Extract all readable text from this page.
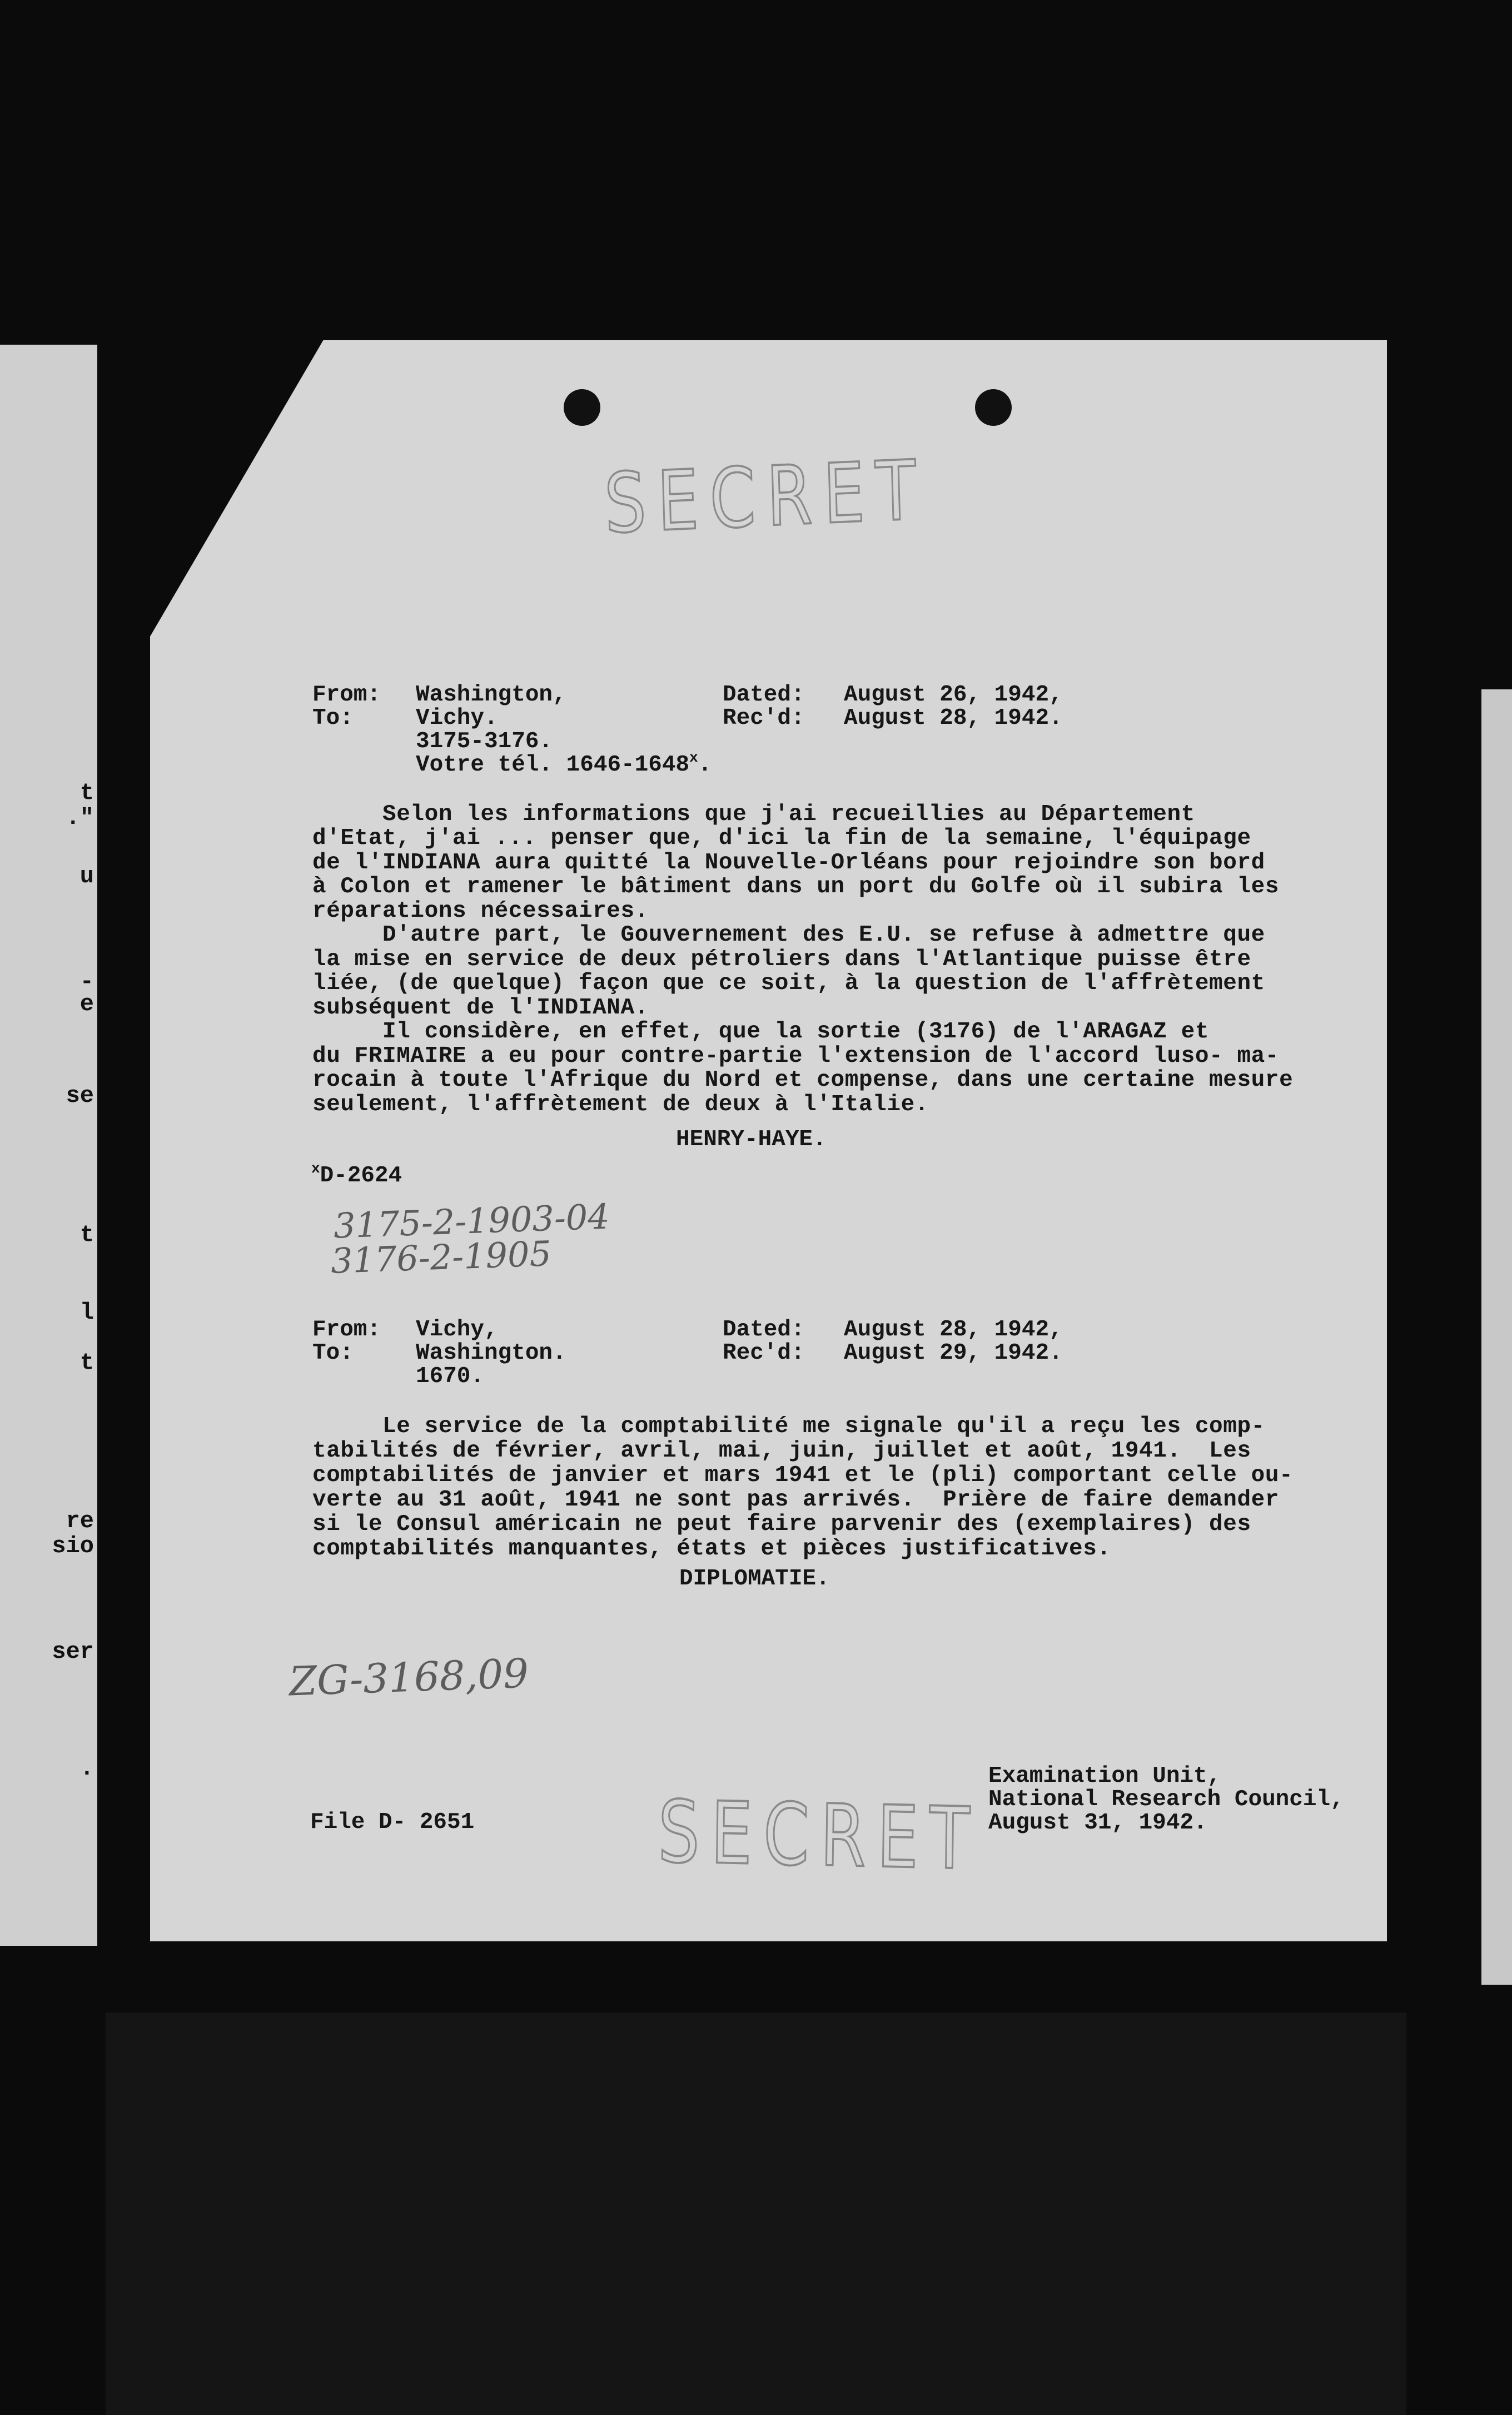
t
."
u
-
e
se
t
l
t
re
sio
ser
.
SECRET
From: Washington,	Dated: August 26, 1942,
To:	Vichy.	Rec'd: August 28, 1942.
3175-3176.
Votre tél. 1646-1648$^x$.

Selon les informations que j'ai recueillies au Département
d'Etat, j'ai ... penser que, d'ici la fin de la semaine, l'équipage
de l'INDIANA aura quitté la Nouvelle-Orléans pour rejoindre son bord
à Colon et ramener le bâtiment dans un port du Golfe où il subira les
réparations nécessaires.
D'autre part, le Gouvernement des E.U. se refuse à admettre que
la mise en service de deux pétroliers dans l'Atlantique puisse être
liée, (de quelque) façon que ce soit, à la question de l'affrètement
subséquent de l'INDIANA.
Il considère, en effet, que la sortie (3176) de l'ARAGAZ et
du FRIMAIRE a eu pour contre-partie l'extension de l'accord luso- ma-
rocain à toute l'Afrique du Nord et compense, dans une certaine mesure
seulement, l'affrètement de deux à l'Italie.

HENRY-HAYE.
$^x$D-2624
3175-2-1903-04
3176-2-1905
From: Vichy,	Dated: August 28, 1942,
To:	Washington.	Rec'd: August 29, 1942.
1670.

Le service de la comptabilité me signale qu'il a reçu les comp-
tabilités de février, avril, mai, juin, juillet et août, 1941.  Les
comptabilités de janvier et mars 1941 et le (pli) comportant celle ou-
verte au 31 août, 1941 ne sont pas arrivés.  Prière de faire demander
si le Consul américain ne peut faire parvenir des (exemplaires) des
comptabilités manquantes, états et pièces justificatives.

DIPLOMATIE.
ZG-3168,09
File D- 2651	SECRET
Examination Unit,
National Research Council,
August 31, 1942.
